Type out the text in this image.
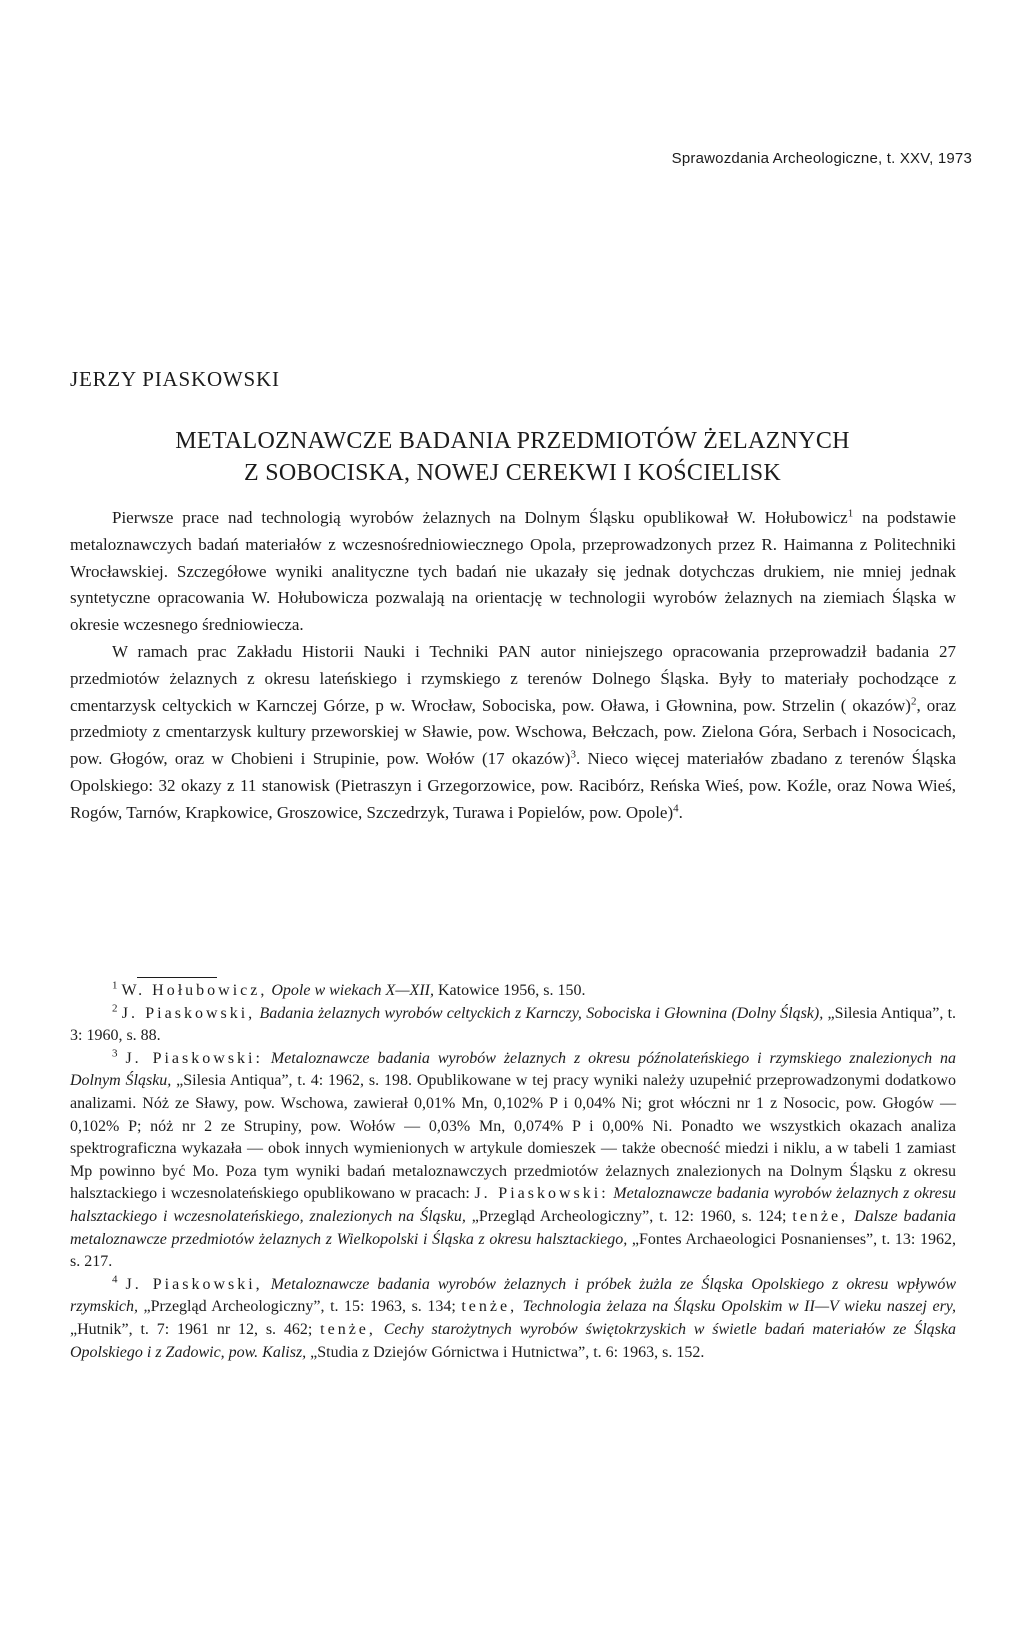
Sprawozdania Archeologiczne, t. XXV, 1973
JERZY PIASKOWSKI
METALOZNAWCZE BADANIA PRZEDMIOTÓW ŻELAZNYCH
Z SOBOCISKA, NOWEJ CEREKWI I KOŚCIELISK

Pierwsze prace nad technologią wyrobów żelaznych na Dolnym Śląsku opublikował W. Hołubowicz$^1$ na podstawie metaloznawczych badań materiałów z wczesnośredniowiecznego Opola, przeprowadzonych przez R. Haimanna z Politechniki Wrocławskiej. Szczegółowe wyniki analityczne tych badań nie ukazały się jednak dotychczas drukiem, nie mniej jednak syntetyczne opracowania W. Hołubowicza pozwalają na orientację w technologii wyrobów żelaznych na ziemiach Śląska w okresie wczesnego średniowiecza.

W ramach prac Zakładu Historii Nauki i Techniki PAN autor niniejszego opracowania przeprowadził badania 27 przedmiotów żelaznych z okresu lateńskiego i rzymskiego z terenów Dolnego Śląska. Były to materiały pochodzące z cmentarzysk celtyckich w Karnczej Górze, p w. Wrocław, Sobociska, pow. Oława, i Głownina, pow. Strzelin ( okazów)$^2$, oraz przedmioty z cmentarzysk kultury przeworskiej w Sławie, pow. Wschowa, Bełczach, pow. Zielona Góra, Serbach i Nosocicach, pow. Głogów, oraz w Chobieni i Strupinie, pow. Wołów (17 okazów)$^3$. Nieco więcej materiałów zbadano z terenów Śląska Opolskiego: 32 okazy z 11 stanowisk (Pietraszyn i Grzegorzowice, pow. Racibórz, Reńska Wieś, pow. Koźle, oraz Nowa Wieś, Rogów, Tarnów, Krapkowice, Groszowice, Szczedrzyk, Turawa i Popielów, pow. Opole)$^4$.

$^1$ W. Hołubowicz, Opole w wiekach X—XII, Katowice 1956, s. 150.

$^2$ J. Piaskowski, Badania żelaznych wyrobów celtyckich z Karnczy, Sobociska i Głownina (Dolny Śląsk), „Silesia Antiqua”, t. 3: 1960, s. 88.

$^3$ J. Piaskowski: Metaloznawcze badania wyrobów żelaznych z okresu późnolateńskiego i rzymskiego znalezionych na Dolnym Śląsku, „Silesia Antiqua”, t. 4: 1962, s. 198. Opublikowane w tej pracy wyniki należy uzupełnić przeprowadzonymi dodatkowo analizami. Nóż ze Sławy, pow. Wschowa, zawierał 0,01% Mn, 0,102% P i 0,04% Ni; grot włóczni nr 1 z Nosocic, pow. Głogów — 0,102% P; nóż nr 2 ze Strupiny, pow. Wołów — 0,03% Mn, 0,074% P i 0,00% Ni. Ponadto we wszystkich okazach analiza spektrograficzna wykazała — obok innych wymienionych w artykule domieszek — także obecność miedzi i niklu, a w tabeli 1 zamiast Mp powinno być Mo. Poza tym wyniki badań metaloznawczych przedmiotów żelaznych znalezionych na Dolnym Śląsku z okresu halsztackiego i wczesnolateńskiego opublikowano w pracach: J. Piaskowski: Metaloznawcze badania wyrobów żelaznych z okresu halsztackiego i wczesnolateńskiego, znalezionych na Śląsku, „Przegląd Archeologiczny”, t. 12: 1960, s. 124; tenże, Dalsze badania metaloznawcze przedmiotów żelaznych z Wielkopolski i Śląska z okresu halsztackiego, „Fontes Archaeologici Posnanienses”, t. 13: 1962, s. 217.

$^4$ J. Piaskowski, Metaloznawcze badania wyrobów żelaznych i próbek żużla ze Śląska Opolskiego z okresu wpływów rzymskich, „Przegląd Archeologiczny”, t. 15: 1963, s. 134; tenże, Technologia żelaza na Śląsku Opolskim w II—V wieku naszej ery, „Hutnik”, t. 7: 1961 nr 12, s. 462; tenże, Cechy starożytnych wyrobów świętokrzyskich w świetle badań materiałów ze Śląska Opolskiego i z Zadowic, pow. Kalisz, „Studia z Dziejów Górnictwa i Hutnictwa”, t. 6: 1963, s. 152.
